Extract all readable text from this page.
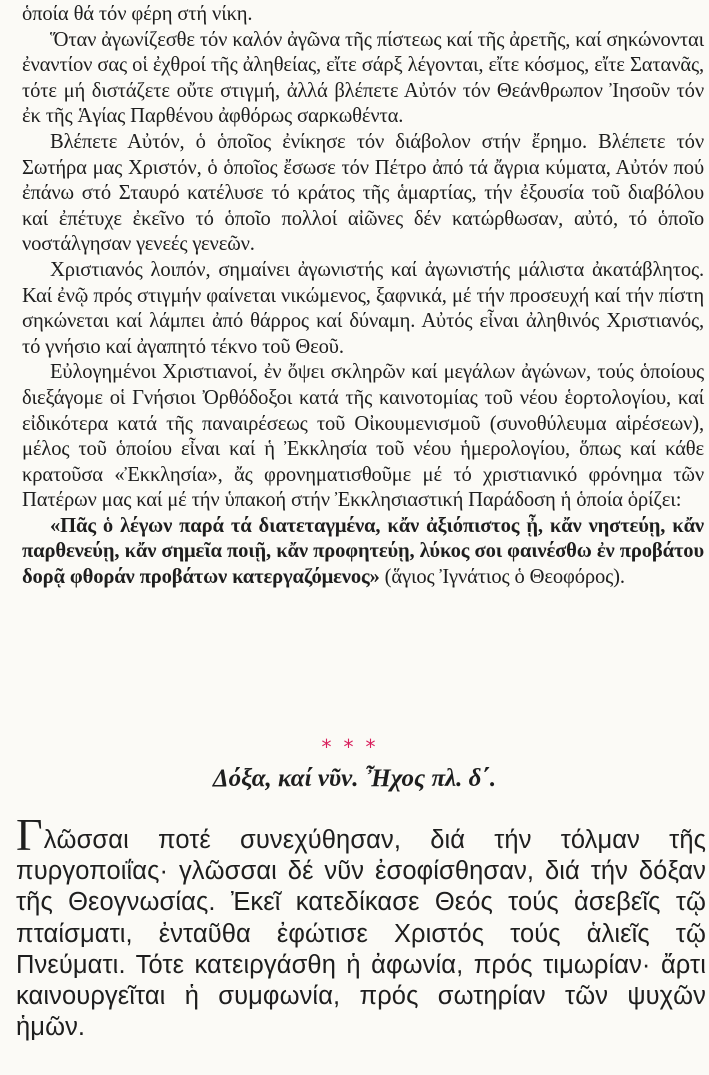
ὁποία θά τόν φέρη στή νίκη.

Ὅταν ἀγωνίζεσθε τόν καλόν ἀγῶνα τῆς πίστεως καί τῆς ἀρετῆς, καί σηκώνονται ἐναντίον σας οἱ ἐχθροί τῆς ἀληθείας, εἴτε σάρξ λέγονται, εἴτε κόσμος, εἴτε Σατανᾶς, τότε μή διστάζετε οὔτε στιγμή, ἀλλά βλέπετε Αὐτόν τόν Θεάνθρωπον Ἰησοῦν τόν ἐκ τῆς Ἁγίας Παρθένου ἀφθόρως σαρκωθέντα.

Βλέπετε Αὐτόν, ὁ ὁποῖος ἐνίκησε τόν διάβολον στήν ἔρημο. Βλέπετε τόν Σωτήρα μας Χριστόν, ὁ ὁποῖος ἔσωσε τόν Πέτρο ἀπό τά ἄγρια κύματα, Αὐτόν πού ἐπάνω στό Σταυρό κατέλυσε τό κράτος τῆς ἁμαρτίας, τήν ἐξουσία τοῦ διαβόλου καί ἐπέτυχε ἐκεῖνο τό ὁποῖο πολλοί αἰῶνες δέν κατώρθωσαν, αὐτό, τό ὁποῖο νοστάλγησαν γενεές γενεῶν.

Χριστιανός λοιπόν, σημαίνει ἀγωνιστής καί ἀγωνιστής μάλιστα ἀκατάβλητος. Καί ἐνῷ πρός στιγμήν φαίνεται νικώμενος, ξαφνικά, μέ τήν προσευχή καί τήν πίστη σηκώνεται καί λάμπει ἀπό θάρρος καί δύναμη. Αὐτός εἶναι ἀληθινός Χριστιανός, τό γνήσιο καί ἀγαπητό τέκνο τοῦ Θεοῦ.

Εὐλογημένοι Χριστιανοί, ἐν ὄψει σκληρῶν καί μεγάλων ἀγώνων, τούς ὁποίους διεξάγομε οἱ Γνήσιοι Ὀρθόδοξοι κατά τῆς καινοτομίας τοῦ νέου ἑορτολογίου, καί εἰδικότερα κατά τῆς παναιρέσεως τοῦ Οἰκουμενισμοῦ (συνοθύλευμα αἱρέσεων), μέλος τοῦ ὁποίου εἶναι καί ἡ Ἐκκλησία τοῦ νέου ἡμερολογίου, ὅπως καί κάθε κρατοῦσα «Ἐκκλησία», ἄς φρονηματισθοῦμε μέ τό χριστιανικό φρόνημα τῶν Πατέρων μας καί μέ τήν ὑπακοή στήν Ἐκκλησιαστική Παράδοση ἡ ὁποία ὁρίζει:

«Πᾶς ὁ λέγων παρά τά διατεταγμένα, κἄν ἀξιόπιστος ᾖ, κἄν νηστεύῃ, κἄν παρθενεύῃ, κἄν σημεῖα ποιῇ, κἄν προφητεύῃ, λύκος σοι φαινέσθω ἐν προβάτου δορᾷ φθοράν προβάτων κατεργαζόμενος» (ἅγιος Ἰγνάτιος ὁ Θεοφόρος).

***
Δόξα, καί νῦν. Ἦχος πλ. δ΄.
Γλῶσσαι ποτέ συνεχύθησαν, διά τήν τόλμαν τῆς πυργοποιΐας· γλῶσσαι δέ νῦν ἐσοφίσθησαν, διά τήν δόξαν τῆς Θεογνωσίας. Ἐκεῖ κατεδίκασε Θεός τούς ἀσεβεῖς τῷ πταίσματι, ἐνταῦθα ἐφώτισε Χριστός τούς ἁλιεῖς τῷ Πνεύματι. Τότε κατειργάσθη ἡ ἀφωνία, πρός τιμωρίαν· ἄρτι καινουργεῖται ἡ συμφωνία, πρός σωτηρίαν τῶν ψυχῶν ἡμῶν.
